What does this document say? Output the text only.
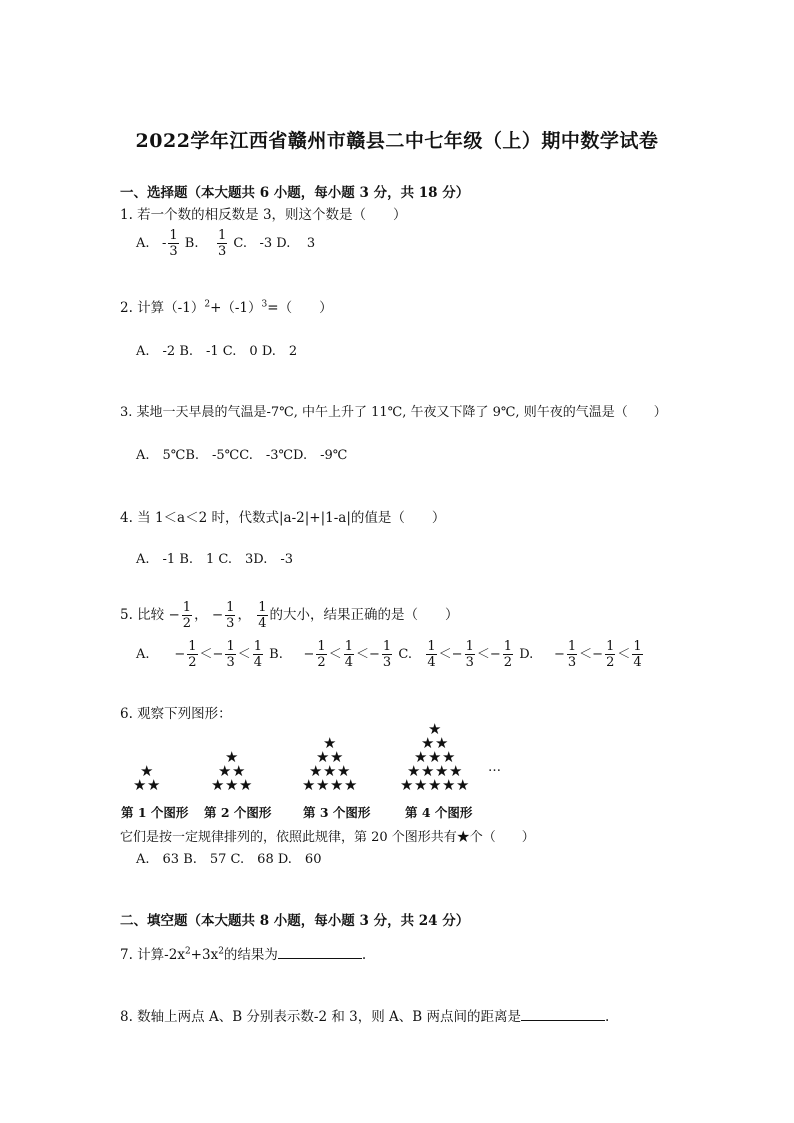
2022学年江西省赣州市赣县二中七年级（上）期中数学试卷
一、选择题（本大题共 6 小题，每小题 3 分，共 18 分）
1. 若一个数的相反数是 3，则这个数是（　　）
A. - $\frac{1}{3} B$. $\frac{1}{3} C$. -3 D. 3
2. 计算$(-1)^2+(-1)^3=$（　　）
A.　-2 B.　-1 C.　0 D.　2
3. 某地一天早晨的气温是-7℃, 中午上升了 11℃, 午夜又下降了 9℃, 则午夜的气温是（　　）
A.　5℃B.　-5℃C.　-3℃D.　-9℃
4. 当 1＜a＜2 时，代数式|a-2|+|1-a|的值是（　　）
A.　-1 B.　1 C.　3D.　-3
5. 比较 − $\frac{1}{2}$ ， − $\frac{1}{3}$ ， $\frac{1}{4}$ 的大小，结果正确的是（　　）
A. − $\frac{1}{2} <- \frac{1}{3} < \frac{1}{4} B$. − $\frac{1}{2} < \frac{1}{4} <- \frac{1}{3} C$. $\frac{1}{4} <- \frac{1}{3} <- \frac{1}{2} D$. − $\frac{1}{3} <- \frac{1}{2} < \frac{1}{4}$
6. 观察下列图形：
★
★ ★
★
★ ★
★ ★ ★
★
★ ★
★ ★ ★
★ ★ ★ ★
★
★ ★
★ ★ ★
★ ★ ★ ★
★ ★ ★ ★ ★
第 1 个图形 第 2 个图形	第 3 个图形	第 4 个图形
…
它们是按一定规律排列的，依照此规律，第 20 个图形共有★个（　　）
A.　63 B.　57 C.　68 D.　60
二、填空题（本大题共 8 小题，每小题 3 分，共 24 分）
7. 计算$-2x^2+3x^2$的结果为	.
8. 数轴上两点 A、B 分别表示数-2 和 3，则 A、B 两点间的距离是	.
